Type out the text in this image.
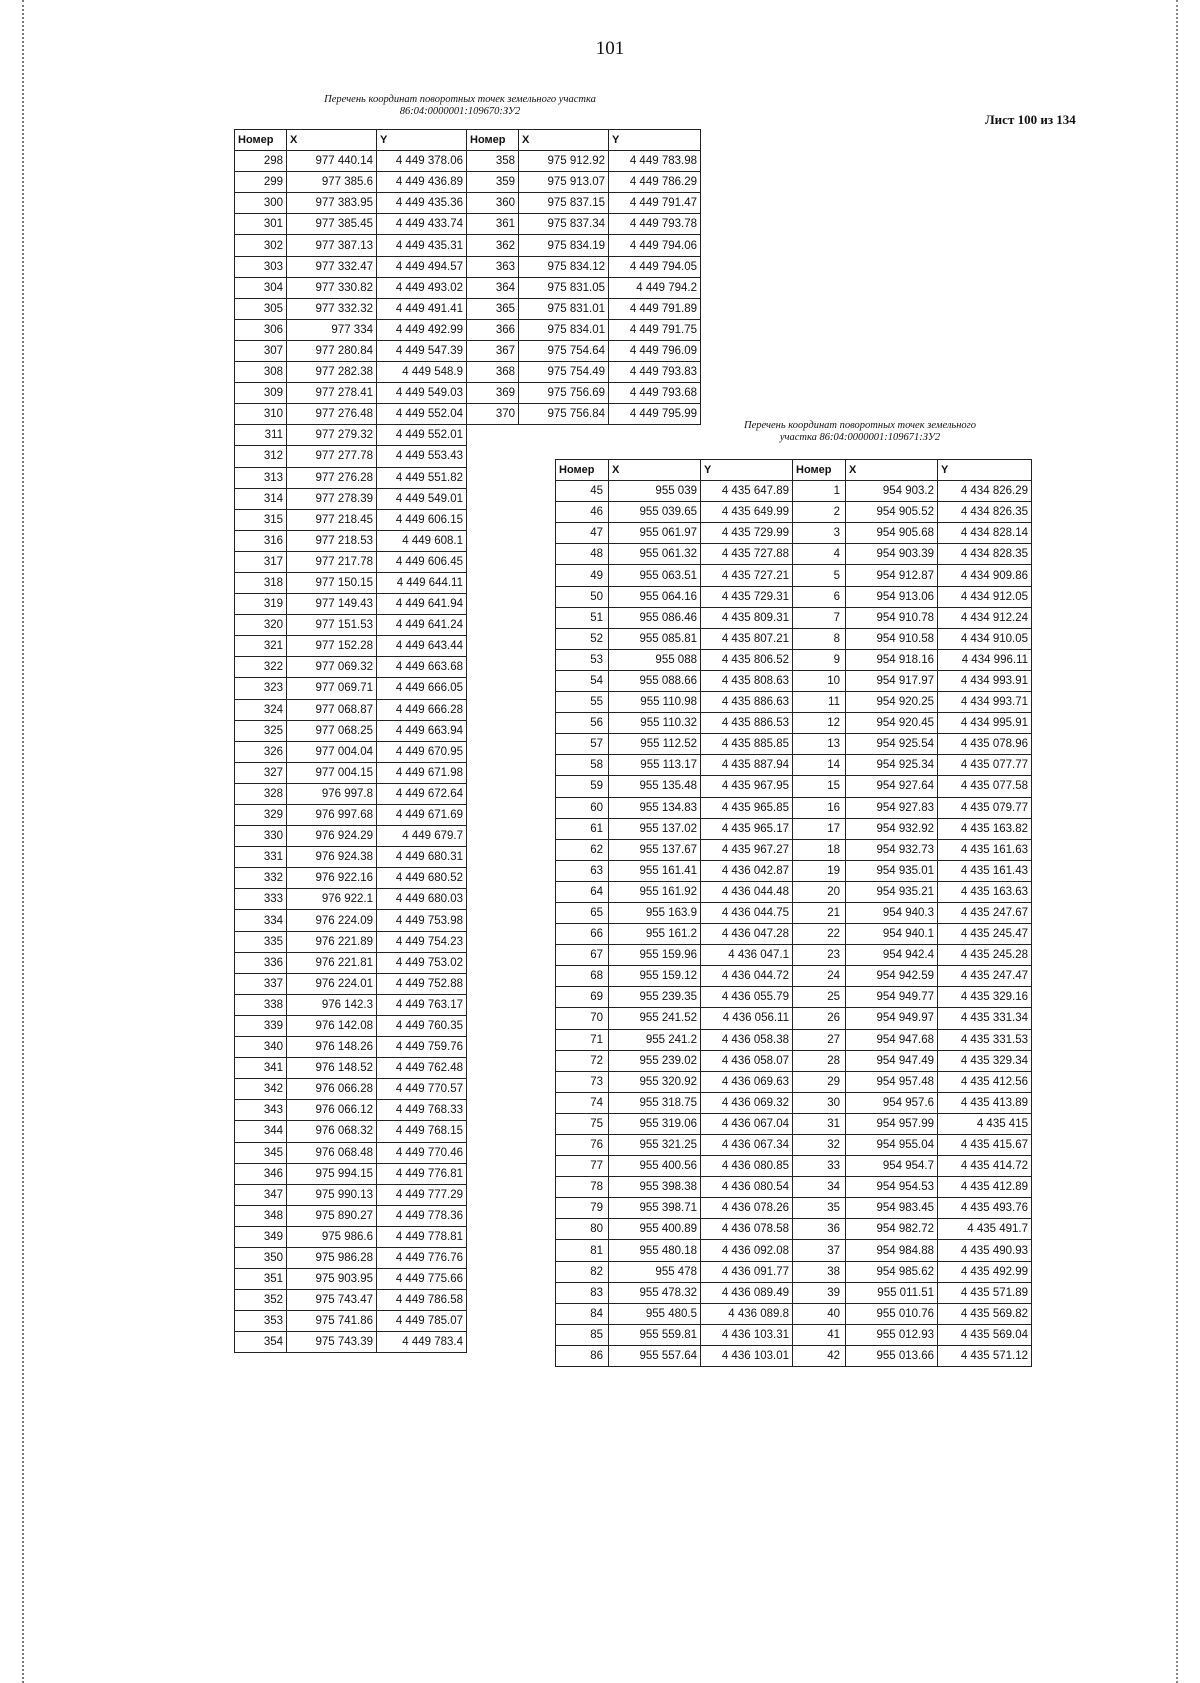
101
Лист 100 из 134
Перечень координат поворотных точек земельного участка 86:04:0000001:109670:ЗУ2
Номер	X	Y	Номер	X	Y
298	977 440.14	4 449 378.06	358	975 912.92	4 449 783.98
299	977 385.6	4 449 436.89	359	975 913.07	4 449 786.29
300	977 383.95	4 449 435.36	360	975 837.15	4 449 791.47
301	977 385.45	4 449 433.74	361	975 837.34	4 449 793.78
302	977 387.13	4 449 435.31	362	975 834.19	4 449 794.06
303	977 332.47	4 449 494.57	363	975 834.12	4 449 794.05
304	977 330.82	4 449 493.02	364	975 831.05	4 449 794.2
305	977 332.32	4 449 491.41	365	975 831.01	4 449 791.89
306	977 334	4 449 492.99	366	975 834.01	4 449 791.75
307	977 280.84	4 449 547.39	367	975 754.64	4 449 796.09
308	977 282.38	4 449 548.9	368	975 754.49	4 449 793.83
309	977 278.41	4 449 549.03	369	975 756.69	4 449 793.68
310	977 276.48	4 449 552.04	370	975 756.84	4 449 795.99
311	977 279.32	4 449 552.01			
312	977 277.78	4 449 553.43			
313	977 276.28	4 449 551.82			
314	977 278.39	4 449 549.01			
315	977 218.45	4 449 606.15			
316	977 218.53	4 449 608.1			
317	977 217.78	4 449 606.45			
318	977 150.15	4 449 644.11			
319	977 149.43	4 449 641.94			
320	977 151.53	4 449 641.24			
321	977 152.28	4 449 643.44			
322	977 069.32	4 449 663.68			
323	977 069.71	4 449 666.05			
324	977 068.87	4 449 666.28			
325	977 068.25	4 449 663.94			
326	977 004.04	4 449 670.95			
327	977 004.15	4 449 671.98			
328	976 997.8	4 449 672.64			
329	976 997.68	4 449 671.69			
330	976 924.29	4 449 679.7			
331	976 924.38	4 449 680.31			
332	976 922.16	4 449 680.52			
333	976 922.1	4 449 680.03			
334	976 224.09	4 449 753.98			
335	976 221.89	4 449 754.23			
336	976 221.81	4 449 753.02			
337	976 224.01	4 449 752.88			
338	976 142.3	4 449 763.17			
339	976 142.08	4 449 760.35			
340	976 148.26	4 449 759.76			
341	976 148.52	4 449 762.48			
342	976 066.28	4 449 770.57			
343	976 066.12	4 449 768.33			
344	976 068.32	4 449 768.15			
345	976 068.48	4 449 770.46			
346	975 994.15	4 449 776.81			
347	975 990.13	4 449 777.29			
348	975 890.27	4 449 778.36			
349	975 986.6	4 449 778.81			
350	975 986.28	4 449 776.76			
351	975 903.95	4 449 775.66			
352	975 743.47	4 449 786.58			
353	975 741.86	4 449 785.07			
354	975 743.39	4 449 783.4			
Перечень координат поворотных точек земельного участка 86:04:0000001:109671:ЗУ2
Номер	X	Y	Номер	X	Y
45	955 039	4 435 647.89	1	954 903.2	4 434 826.29
46	955 039.65	4 435 649.99	2	954 905.52	4 434 826.35
47	955 061.97	4 435 729.99	3	954 905.68	4 434 828.14
48	955 061.32	4 435 727.88	4	954 903.39	4 434 828.35
49	955 063.51	4 435 727.21	5	954 912.87	4 434 909.86
50	955 064.16	4 435 729.31	6	954 913.06	4 434 912.05
51	955 086.46	4 435 809.31	7	954 910.78	4 434 912.24
52	955 085.81	4 435 807.21	8	954 910.58	4 434 910.05
53	955 088	4 435 806.52	9	954 918.16	4 434 996.11
54	955 088.66	4 435 808.63	10	954 917.97	4 434 993.91
55	955 110.98	4 435 886.63	11	954 920.25	4 434 993.71
56	955 110.32	4 435 886.53	12	954 920.45	4 434 995.91
57	955 112.52	4 435 885.85	13	954 925.54	4 435 078.96
58	955 113.17	4 435 887.94	14	954 925.34	4 435 077.77
59	955 135.48	4 435 967.95	15	954 927.64	4 435 077.58
60	955 134.83	4 435 965.85	16	954 927.83	4 435 079.77
61	955 137.02	4 435 965.17	17	954 932.92	4 435 163.82
62	955 137.67	4 435 967.27	18	954 932.73	4 435 161.63
63	955 161.41	4 436 042.87	19	954 935.01	4 435 161.43
64	955 161.92	4 436 044.48	20	954 935.21	4 435 163.63
65	955 163.9	4 436 044.75	21	954 940.3	4 435 247.67
66	955 161.2	4 436 047.28	22	954 940.1	4 435 245.47
67	955 159.96	4 436 047.1	23	954 942.4	4 435 245.28
68	955 159.12	4 436 044.72	24	954 942.59	4 435 247.47
69	955 239.35	4 436 055.79	25	954 949.77	4 435 329.16
70	955 241.52	4 436 056.11	26	954 949.97	4 435 331.34
71	955 241.2	4 436 058.38	27	954 947.68	4 435 331.53
72	955 239.02	4 436 058.07	28	954 947.49	4 435 329.34
73	955 320.92	4 436 069.63	29	954 957.48	4 435 412.56
74	955 318.75	4 436 069.32	30	954 957.6	4 435 413.89
75	955 319.06	4 436 067.04	31	954 957.99	4 435 415
76	955 321.25	4 436 067.34	32	954 955.04	4 435 415.67
77	955 400.56	4 436 080.85	33	954 954.7	4 435 414.72
78	955 398.38	4 436 080.54	34	954 954.53	4 435 412.89
79	955 398.71	4 436 078.26	35	954 983.45	4 435 493.76
80	955 400.89	4 436 078.58	36	954 982.72	4 435 491.7
81	955 480.18	4 436 092.08	37	954 984.88	4 435 490.93
82	955 478	4 436 091.77	38	954 985.62	4 435 492.99
83	955 478.32	4 436 089.49	39	955 011.51	4 435 571.89
84	955 480.5	4 436 089.8	40	955 010.76	4 435 569.82
85	955 559.81	4 436 103.31	41	955 012.93	4 435 569.04
86	955 557.64	4 436 103.01	42	955 013.66	4 435 571.12
